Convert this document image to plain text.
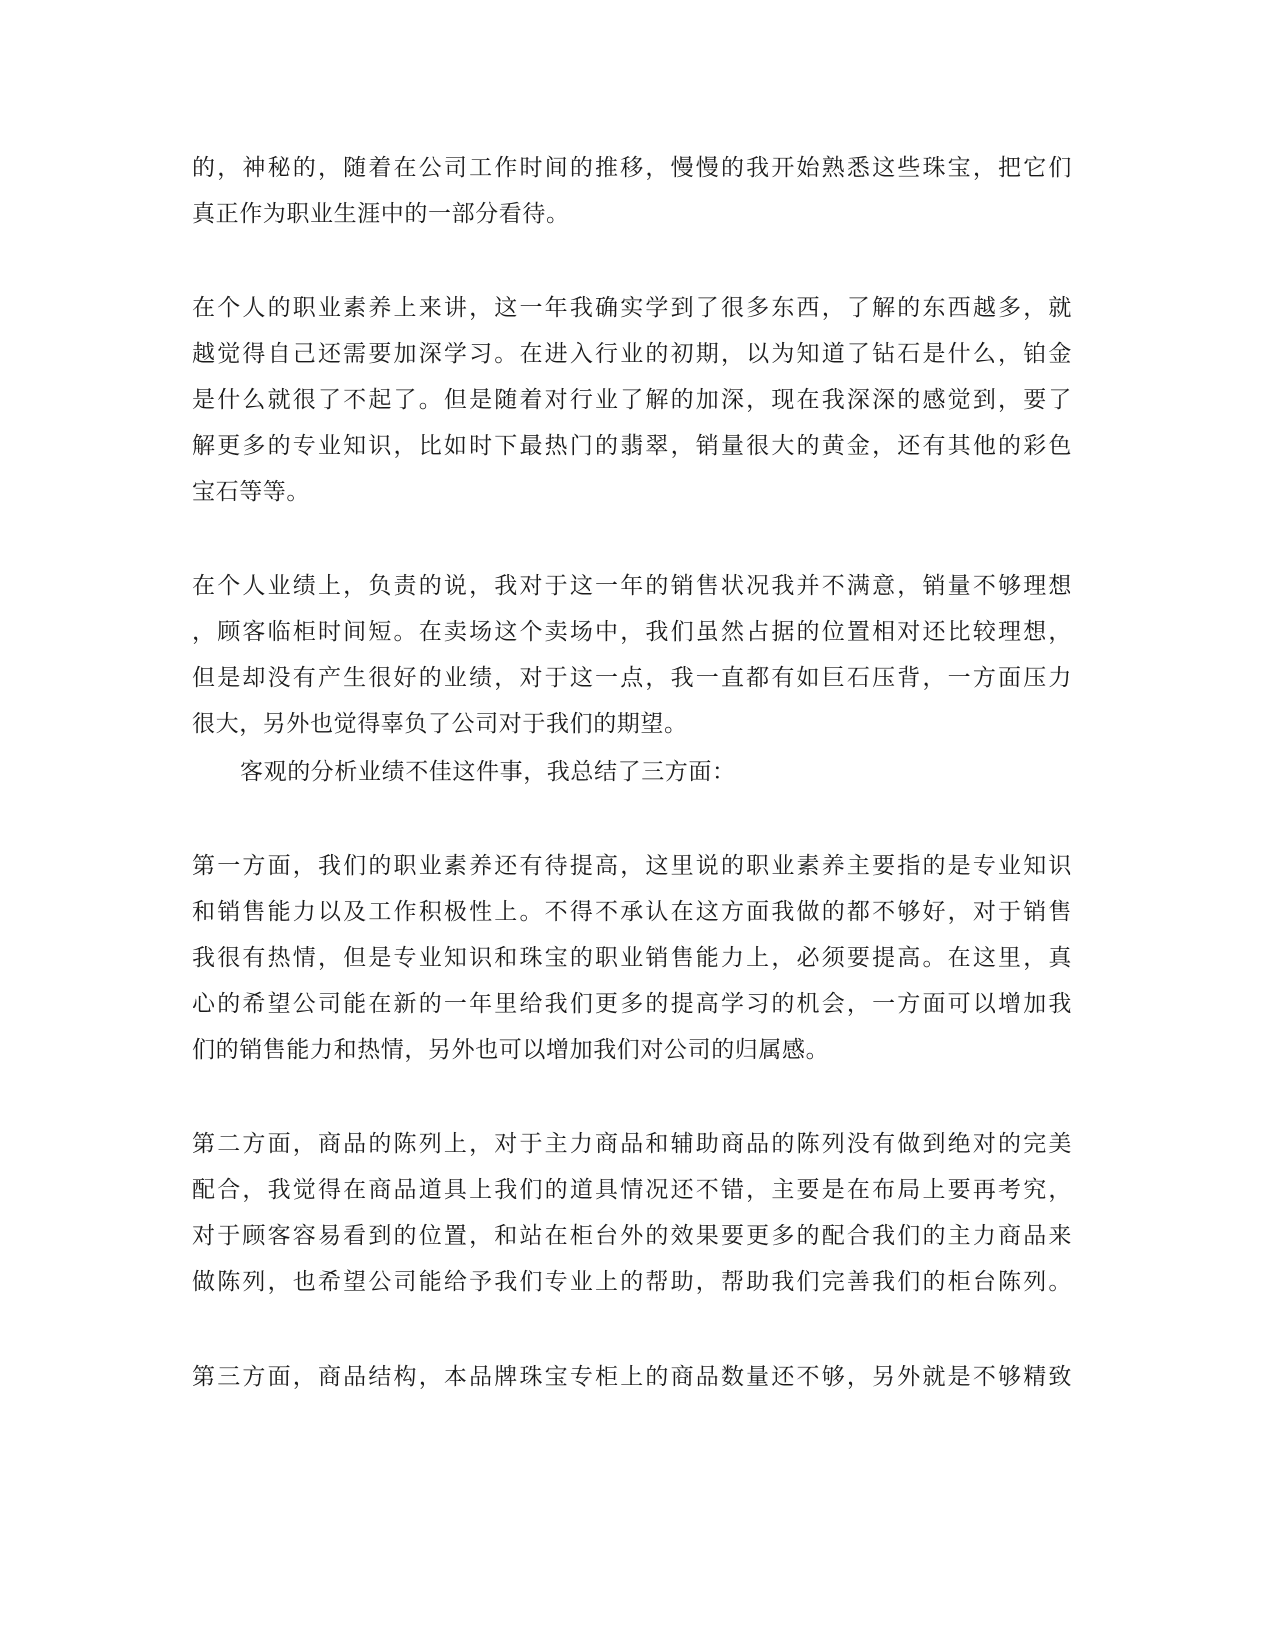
的，神秘的，随着在公司工作时间的推移，慢慢的我开始熟悉这些珠宝，把它们

真正作为职业生涯中的一部分看待。

在个人的职业素养上来讲，这一年我确实学到了很多东西，了解的东西越多，就

越觉得自己还需要加深学习。在进入行业的初期，以为知道了钻石是什么，铂金

是什么就很了不起了。但是随着对行业了解的加深，现在我深深的感觉到，要了

解更多的专业知识，比如时下最热门的翡翠，销量很大的黄金，还有其他的彩色

宝石等等。

在个人业绩上，负责的说，我对于这一年的销售状况我并不满意，销量不够理想

，顾客临柜时间短。在卖场这个卖场中，我们虽然占据的位置相对还比较理想，

但是却没有产生很好的业绩，对于这一点，我一直都有如巨石压背，一方面压力

很大，另外也觉得辜负了公司对于我们的期望。

客观的分析业绩不佳这件事，我总结了三方面：

第一方面，我们的职业素养还有待提高，这里说的职业素养主要指的是专业知识

和销售能力以及工作积极性上。不得不承认在这方面我做的都不够好，对于销售

我很有热情，但是专业知识和珠宝的职业销售能力上，必须要提高。在这里，真

心的希望公司能在新的一年里给我们更多的提高学习的机会，一方面可以增加我

们的销售能力和热情，另外也可以增加我们对公司的归属感。

第二方面，商品的陈列上，对于主力商品和辅助商品的陈列没有做到绝对的完美

配合，我觉得在商品道具上我们的道具情况还不错，主要是在布局上要再考究，

对于顾客容易看到的位置，和站在柜台外的效果要更多的配合我们的主力商品来

做陈列，也希望公司能给予我们专业上的帮助，帮助我们完善我们的柜台陈列。

第三方面，商品结构，本品牌珠宝专柜上的商品数量还不够，另外就是不够精致
